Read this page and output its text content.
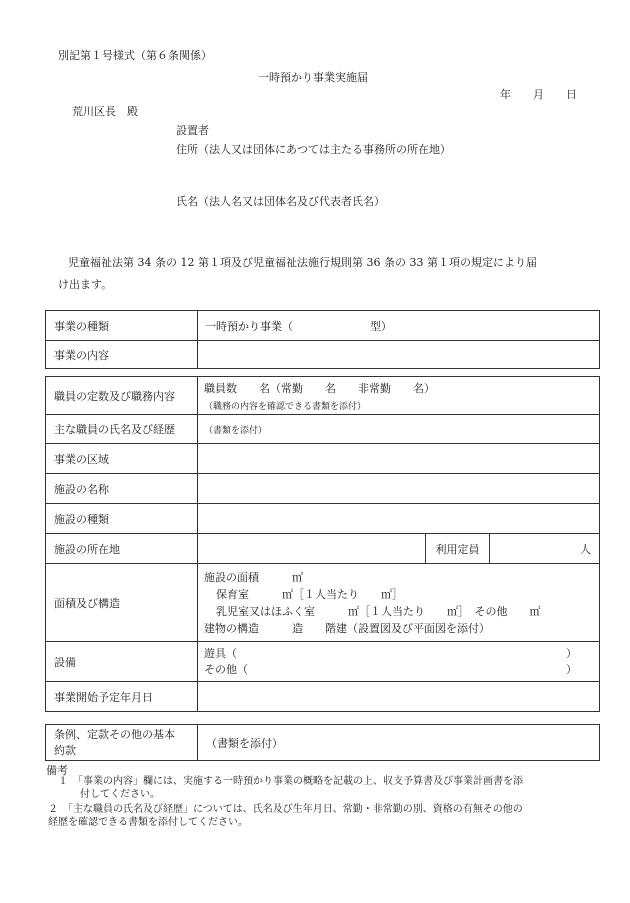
別記第１号様式（第６条関係）
一時預かり事業実施届
年　　月　　日
荒川区長　殿
設置者
住所（法人又は団体にあつては主たる事務所の所在地）
氏名（法人名又は団体名及び代表者氏名）
児童福祉法第 34 条の 12 第１項及び児童福祉法施行規則第 36 条の 33 第１項の規定により届
け出ます。
事業の種類	一時預かり事業（　　　　　　　型）
事業の内容	
職員の定数及び職務内容	職員数　　名（常勤　　名　　非常勤　　名）
（職務の内容を確認できる書類を添付）		

主な職員の氏名及び経歴	（書類を添付）		
事業の区域			
施設の名称			
施設の種類			
施設の所在地		利用定員	人
面積及び構造	施設の面積　　　㎡
保育室　　　㎡［１人当たり　　㎡］
乳児室又はほふく室　　　㎡［１人当たり　　㎡］　その他　　㎡
建物の構造　　　造　　階建（設置図及び平面図を添付）		

設備	遊具（ ）
その他（ ）		

事業開始予定年月日			
条例、定款その他の基本
約款
	（書類を添付）
備考
１　「事業の内容」欄には、実施する一時預かり事業の概略を記載の上、収支予算書及び事業計画書を添
付してください。
２　「主な職員の氏名及び経歴」については、氏名及び生年月日、常勤・非常勤の別、資格の有無その他の
経歴を確認できる書類を添付してください。
